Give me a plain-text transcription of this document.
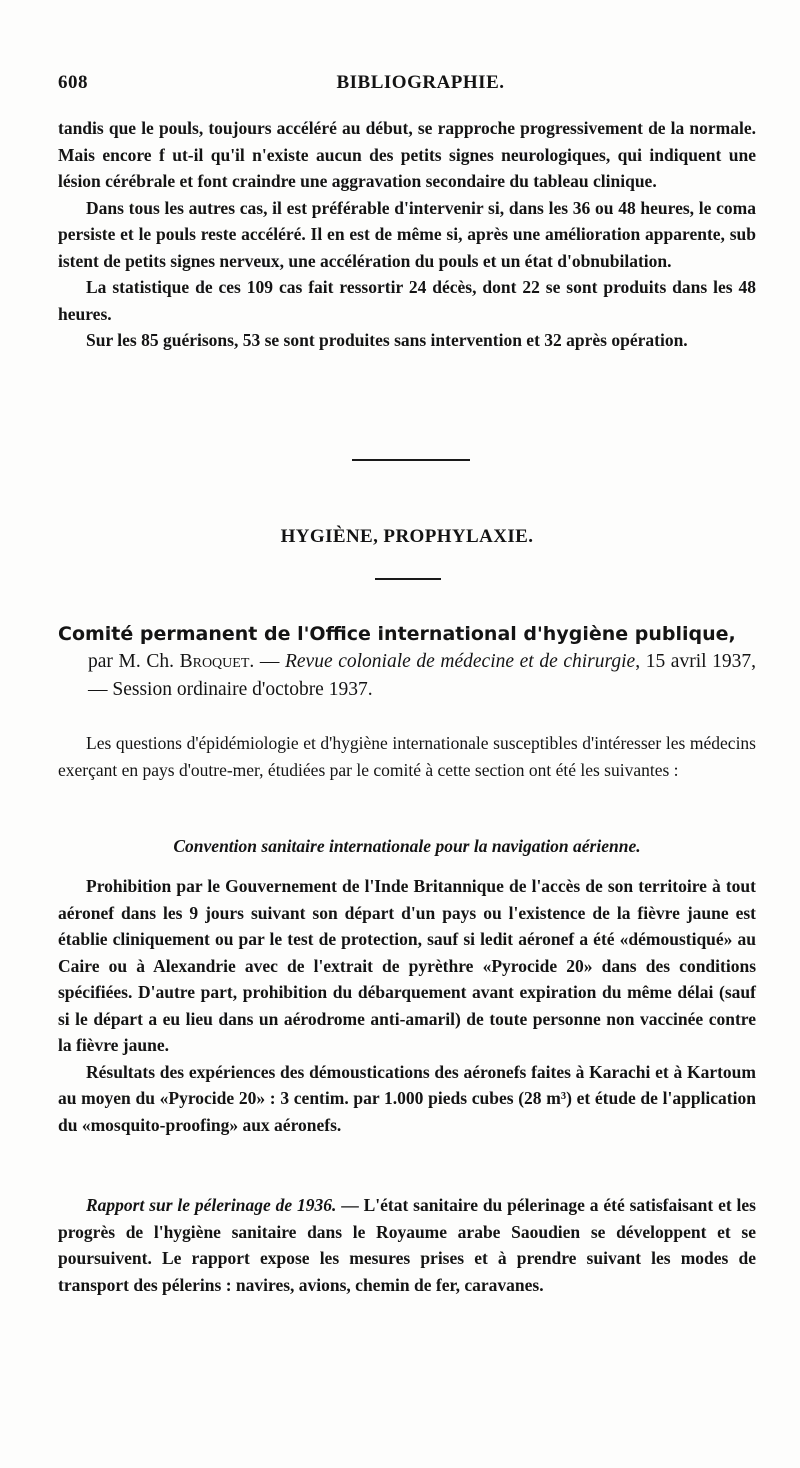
608	BIBLIOGRAPHIE.

tandis que le pouls, toujours accéléré au début, se rapproche progressivement de la normale. Mais encore f ut-il qu'il n'existe aucun des petits signes neurologiques, qui indiquent une lésion cérébrale et font craindre une aggravation secondaire du tableau clinique.

Dans tous les autres cas, il est préférable d'intervenir si, dans les 36 ou 48 heures, le coma persiste et le pouls reste accéléré. Il en est de même si, après une amélioration apparente, sub istent de petits signes nerveux, une accélération du pouls et un état d'obnubilation.

La statistique de ces 109 cas fait ressortir 24 décès, dont 22 se sont produits dans les 48 heures.

Sur les 85 guérisons, 53 se sont produites sans intervention et 32 après opération.

HYGIÈNE, PROPHYLAXIE.
Comité permanent de l'Office international d'hygiène publique,
par M. Ch. Broquet. — Revue coloniale de médecine et de chirurgie, 15 avril 1937, — Session ordinaire d'octobre 1937.
Les questions d'épidémiologie et d'hygiène internationale susceptibles d'intéresser les médecins exerçant en pays d'outre-mer, étudiées par le comité à cette section ont été les suivantes :
Convention sanitaire internationale pour la navigation aérienne.

Prohibition par le Gouvernement de l'Inde Britannique de l'accès de son territoire à tout aéronef dans les 9 jours suivant son départ d'un pays ou l'existence de la fièvre jaune est établie cliniquement ou par le test de protection, sauf si ledit aéronef a été «démoustiqué» au Caire ou à Alexandrie avec de l'extrait de pyrèthre «Pyrocide 20» dans des conditions spécifiées. D'autre part, prohibition du débarquement avant expiration du même délai (sauf si le départ a eu lieu dans un aérodrome anti-amaril) de toute personne non vaccinée contre la fièvre jaune.

Résultats des expériences des démoustications des aéronefs faites à Karachi et à Kartoum au moyen du «Pyrocide 20» : 3 centim. par 1.000 pieds cubes (28 m³) et étude de l'application du «mosquito-proofing» aux aéronefs.

Rapport sur le pélerinage de 1936. — L'état sanitaire du pélerinage a été satisfaisant et les progrès de l'hygiène sanitaire dans le Royaume arabe Saoudien se développent et se poursuivent. Le rapport expose les mesures prises et à prendre suivant les modes de transport des pélerins : navires, avions, chemin de fer, caravanes.
